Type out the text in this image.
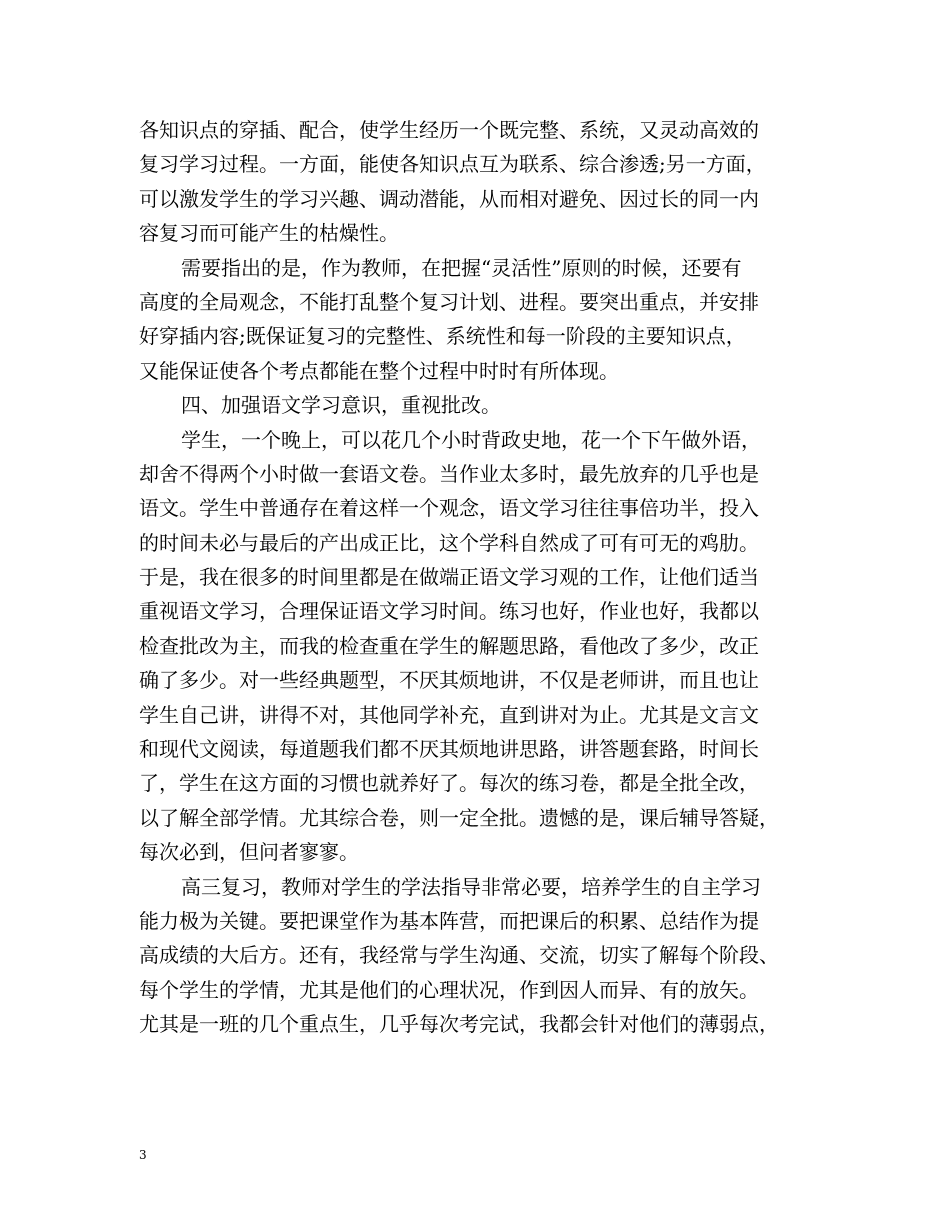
各知识点的穿插、配合，使学生经历一个既完整、系统，又灵动高效的
复习学习过程。一方面，能使各知识点互为联系、综合渗透;另一方面，
可以激发学生的学习兴趣、调动潜能，从而相对避免、因过长的同一内
容复习而可能产生的枯燥性。
需要指出的是，作为教师，在把握“灵活性”原则的时候，还要有
高度的全局观念，不能打乱整个复习计划、进程。要突出重点，并安排
好穿插内容;既保证复习的完整性、系统性和每一阶段的主要知识点，
又能保证使各个考点都能在整个过程中时时有所体现。
四、加强语文学习意识，重视批改。
学生，一个晚上，可以花几个小时背政史地，花一个下午做外语，
却舍不得两个小时做一套语文卷。当作业太多时，最先放弃的几乎也是
语文。学生中普通存在着这样一个观念，语文学习往往事倍功半，投入
的时间未必与最后的产出成正比，这个学科自然成了可有可无的鸡肋。
于是，我在很多的时间里都是在做端正语文学习观的工作，让他们适当
重视语文学习，合理保证语文学习时间。练习也好，作业也好，我都以
检查批改为主，而我的检查重在学生的解题思路，看他改了多少，改正
确了多少。对一些经典题型，不厌其烦地讲，不仅是老师讲，而且也让
学生自己讲，讲得不对，其他同学补充，直到讲对为止。尤其是文言文
和现代文阅读，每道题我们都不厌其烦地讲思路，讲答题套路，时间长
了，学生在这方面的习惯也就养好了。每次的练习卷，都是全批全改，
以了解全部学情。尤其综合卷，则一定全批。遗憾的是，课后辅导答疑，
每次必到，但问者寥寥。
高三复习，教师对学生的学法指导非常必要，培养学生的自主学习
能力极为关键。要把课堂作为基本阵营，而把课后的积累、总结作为提
高成绩的大后方。还有，我经常与学生沟通、交流，切实了解每个阶段、
每个学生的学情，尤其是他们的心理状况，作到因人而异、有的放矢。
尤其是一班的几个重点生，几乎每次考完试，我都会针对他们的薄弱点，
3
